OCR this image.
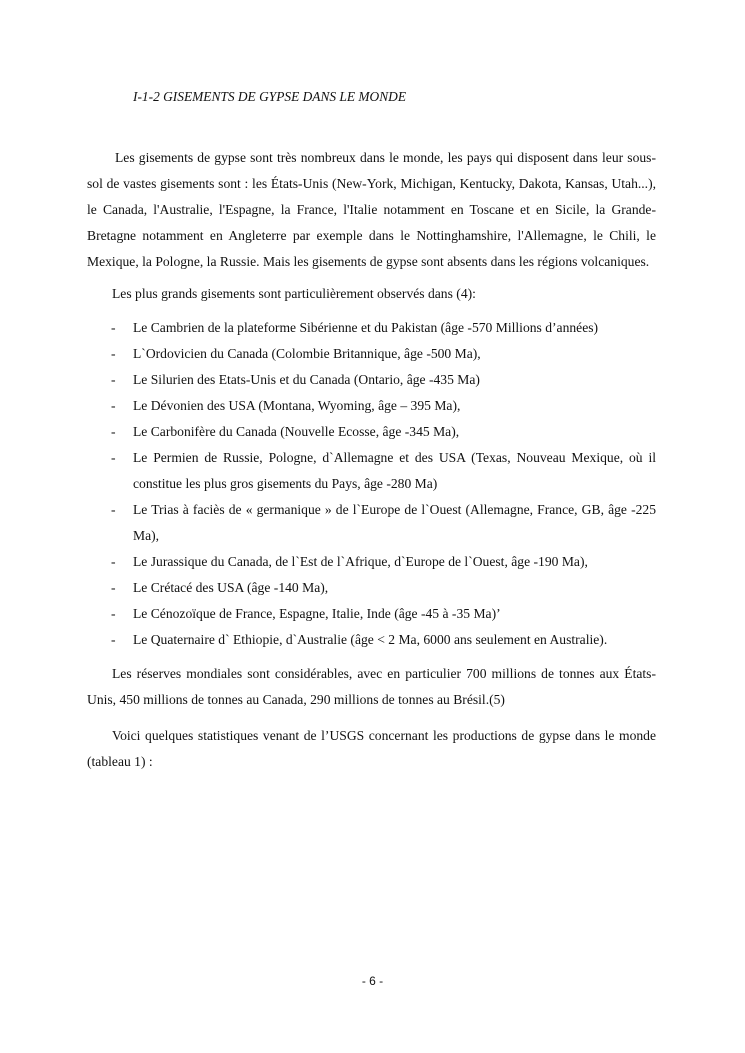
I-1-2 GISEMENTS DE GYPSE DANS LE MONDE

Les gisements de gypse sont très nombreux dans le monde, les pays qui disposent dans leur sous-sol de vastes gisements sont : les États-Unis (New-York, Michigan, Kentucky, Dakota, Kansas, Utah...), le Canada, l'Australie, l'Espagne, la France, l'Italie notamment en Toscane et en Sicile, la Grande-Bretagne notamment en Angleterre par exemple dans le Nottinghamshire, l'Allemagne, le Chili, le Mexique, la Pologne, la Russie. Mais les gisements de gypse sont absents dans les régions volcaniques.

Les plus grands gisements sont particulièrement observés dans (4):

- Le Cambrien de la plateforme Sibérienne et du Pakistan (âge -570 Millions d’années)
- L`Ordovicien du Canada (Colombie Britannique, âge -500 Ma),
- Le Silurien des Etats-Unis et du Canada (Ontario, âge -435 Ma)
- Le Dévonien des USA (Montana, Wyoming, âge – 395 Ma),
- Le Carbonifère du Canada (Nouvelle Ecosse, âge -345 Ma),
- Le Permien de Russie, Pologne, d`Allemagne et des USA (Texas, Nouveau Mexique, où il constitue les plus gros gisements du Pays, âge -280 Ma)
- Le Trias à faciès de « germanique » de l`Europe de l`Ouest (Allemagne, France, GB, âge -225 Ma),
- Le Jurassique du Canada, de l`Est de l`Afrique, d`Europe de l`Ouest, âge -190 Ma),
- Le Crétacé des USA (âge -140 Ma),
- Le Cénozoïque de France, Espagne, Italie, Inde (âge -45 à -35 Ma)’
- Le Quaternaire d` Ethiopie, d`Australie (âge < 2 Ma, 6000 ans seulement en Australie).

Les réserves mondiales sont considérables, avec en particulier 700 millions de tonnes aux États-Unis, 450 millions de tonnes au Canada, 290 millions de tonnes au Brésil.(5)

Voici quelques statistiques venant de l’USGS concernant les productions de gypse dans le monde (tableau 1) :

- 6 -
